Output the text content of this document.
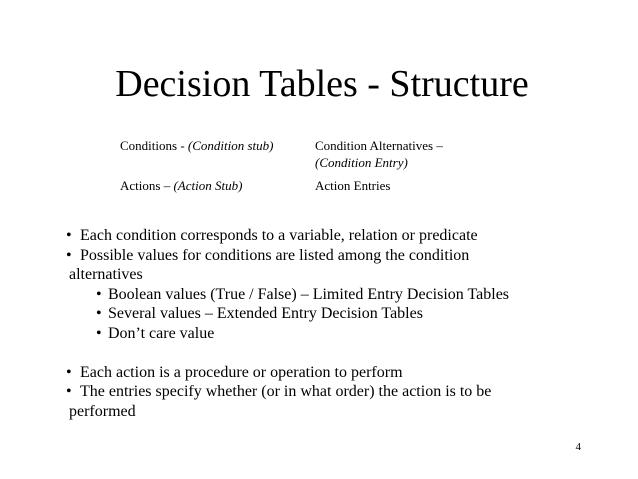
Decision Tables - Structure
Conditions - (Condition stub)	Condition Alternatives –
(Condition Entry)
Actions – (Action Stub)	Action Entries
• Each condition corresponds to a variable, relation or predicate
• Possible values for conditions are listed among the condition
alternatives
• Boolean values (True / False) – Limited Entry Decision Tables
• Several values – Extended Entry Decision Tables
• Don’t care value
• Each action is a procedure or operation to perform
• The entries specify whether (or in what order) the action is to be
performed
4
